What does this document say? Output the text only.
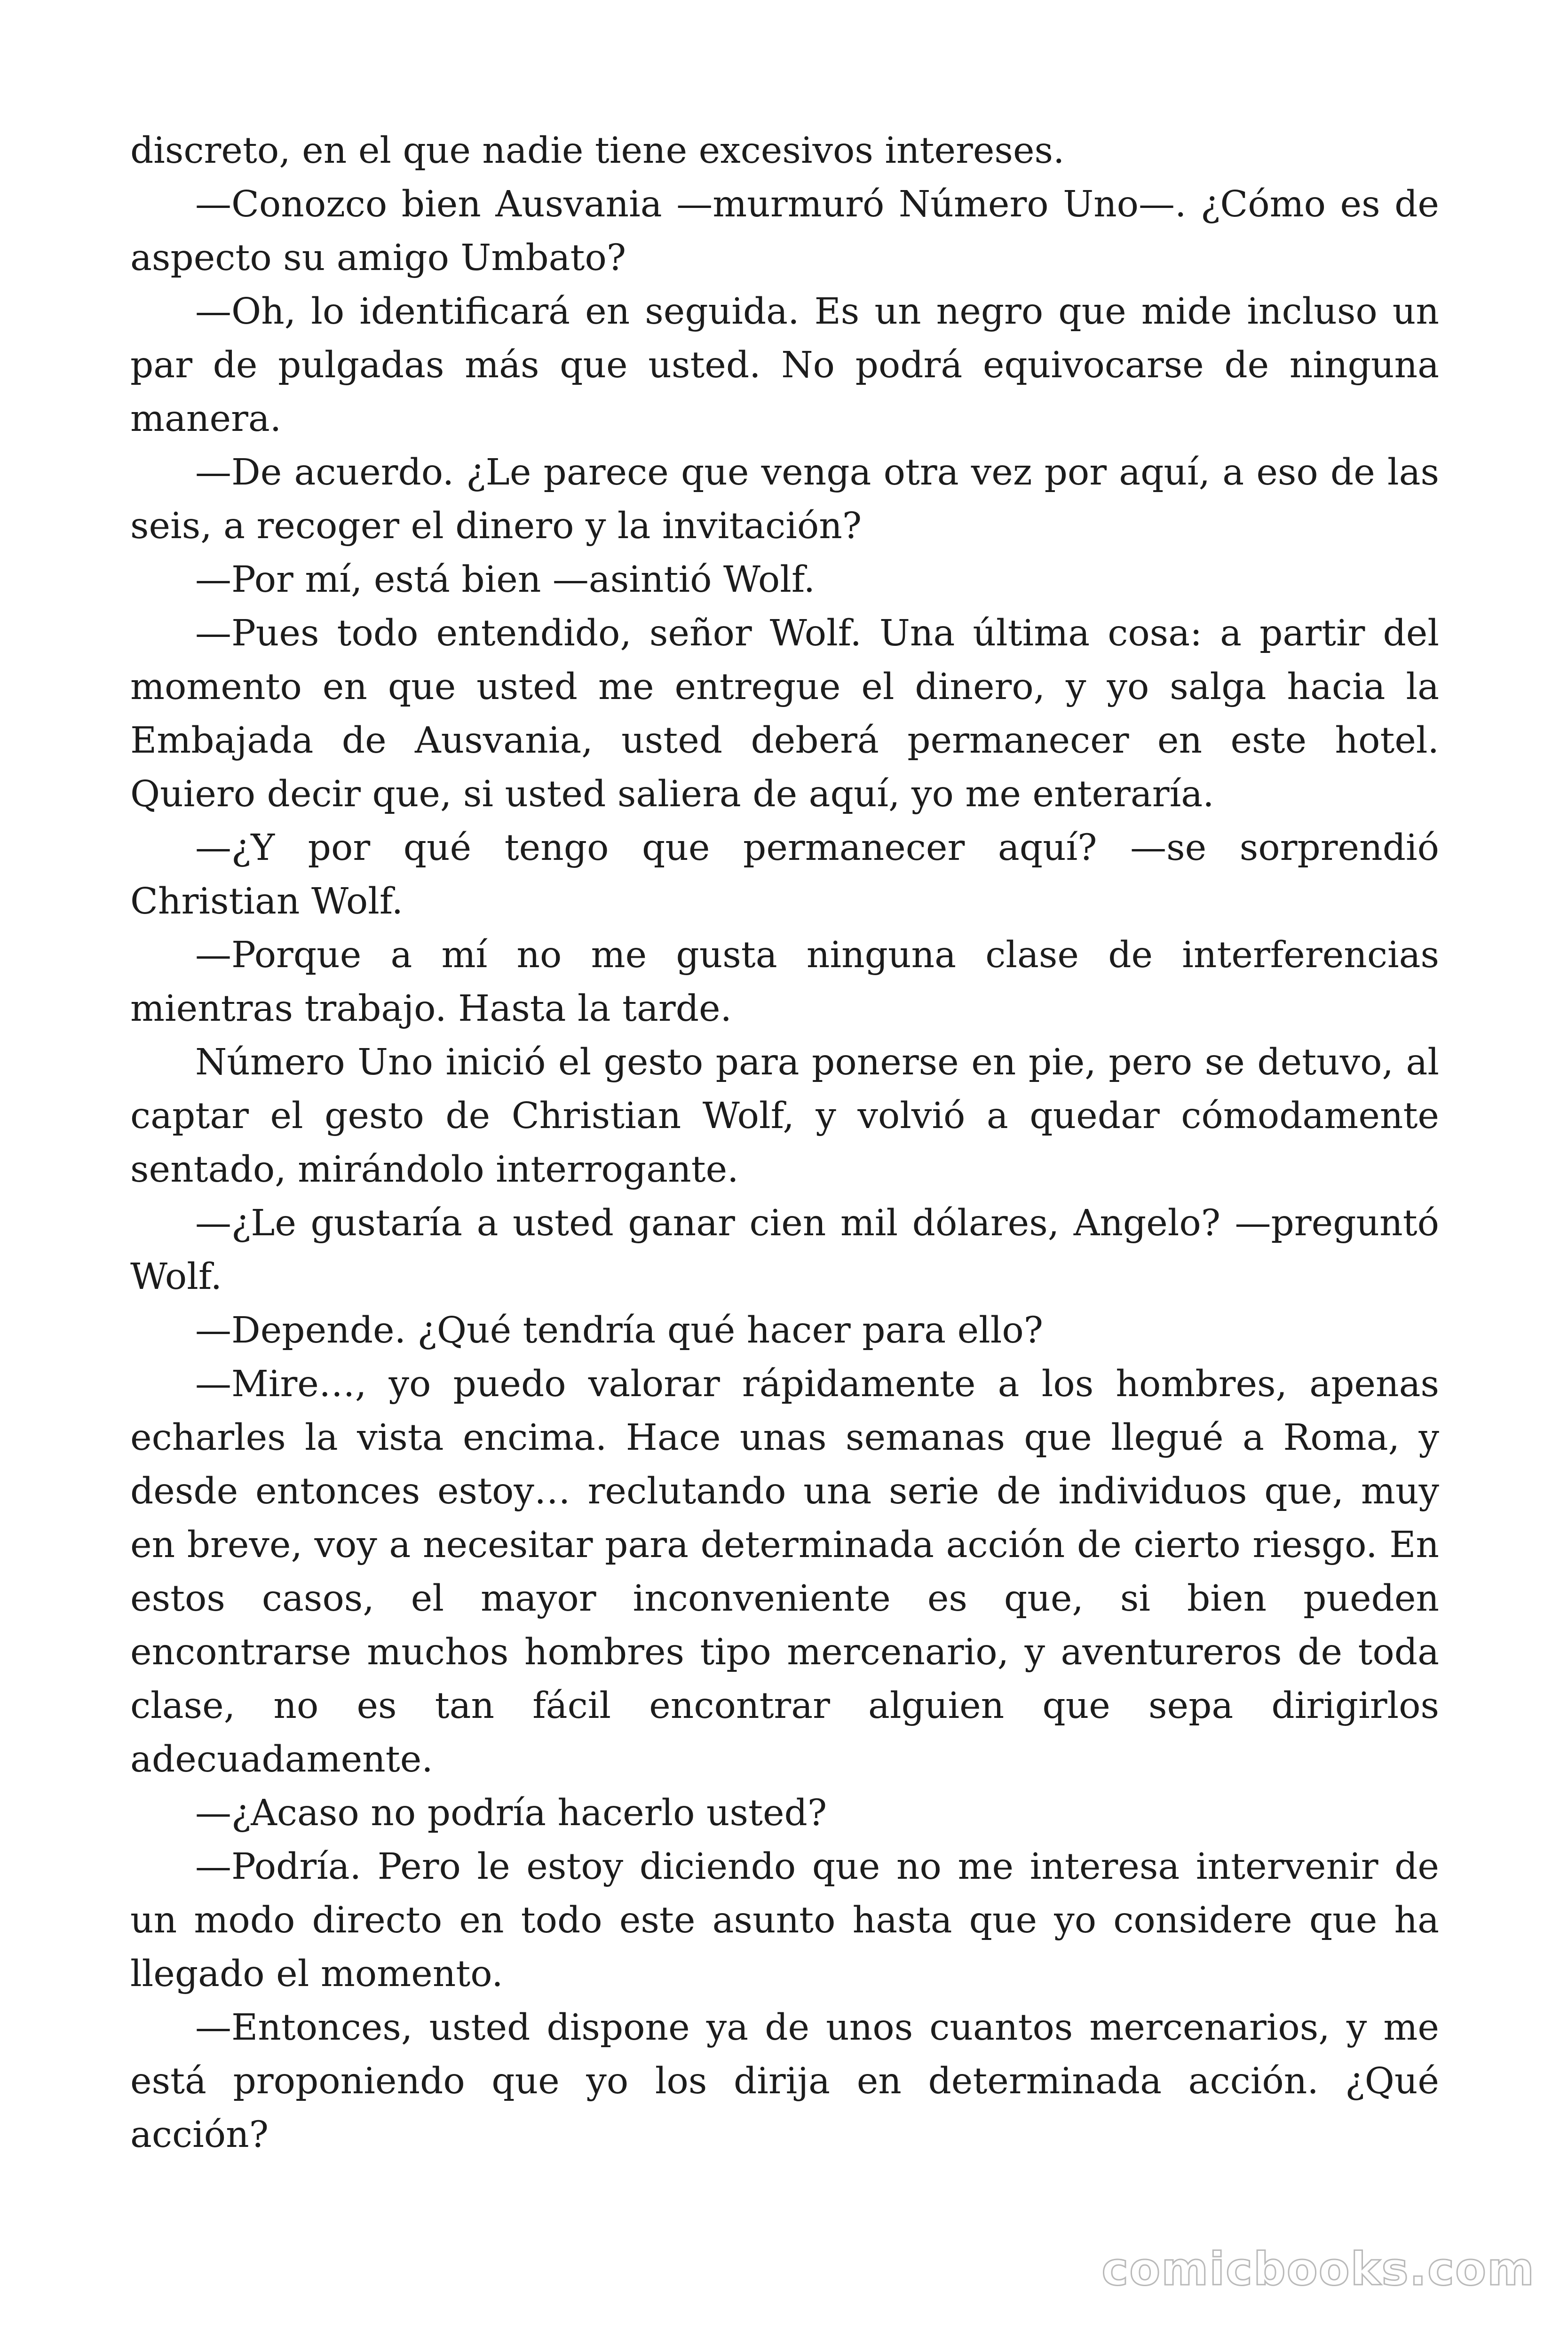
discreto, en el que nadie tiene excesivos intereses.

—Conozco bien Ausvania —murmuró Número Uno—. ¿Cómo es de aspecto su amigo Umbato?

—Oh, lo identificará en seguida. Es un negro que mide incluso un par de pulgadas más que usted. No podrá equivocarse de ninguna manera.

—De acuerdo. ¿Le parece que venga otra vez por aquí, a eso de las seis, a recoger el dinero y la invitación?

—Por mí, está bien —asintió Wolf.

—Pues todo entendido, señor Wolf. Una última cosa: a partir del momento en que usted me entregue el dinero, y yo salga hacia la Embajada de Ausvania, usted deberá permanecer en este hotel. Quiero decir que, si usted saliera de aquí, yo me enteraría.

—¿Y por qué tengo que permanecer aquí? —se sorprendió Christian Wolf.

—Porque a mí no me gusta ninguna clase de interferencias mientras trabajo. Hasta la tarde.

Número Uno inició el gesto para ponerse en pie, pero se detuvo, al captar el gesto de Christian Wolf, y volvió a quedar cómodamente sentado, mirándolo interrogante.

—¿Le gustaría a usted ganar cien mil dólares, Angelo? —preguntó Wolf.

—Depende. ¿Qué tendría qué hacer para ello?

—Mire…, yo puedo valorar rápidamente a los hombres, apenas echarles la vista encima. Hace unas semanas que llegué a Roma, y desde entonces estoy… reclutando una serie de individuos que, muy en breve, voy a necesitar para determinada acción de cierto riesgo. En estos casos, el mayor inconveniente es que, si bien pueden encontrarse muchos hombres tipo mercenario, y aventureros de toda clase, no es tan fácil encontrar alguien que sepa dirigirlos adecuadamente.

—¿Acaso no podría hacerlo usted?

—Podría. Pero le estoy diciendo que no me interesa intervenir de un modo directo en todo este asunto hasta que yo considere que ha llegado el momento.

—Entonces, usted dispone ya de unos cuantos mercenarios, y me está proponiendo que yo los dirija en determinada acción. ¿Qué acción?

comicbooks.com
